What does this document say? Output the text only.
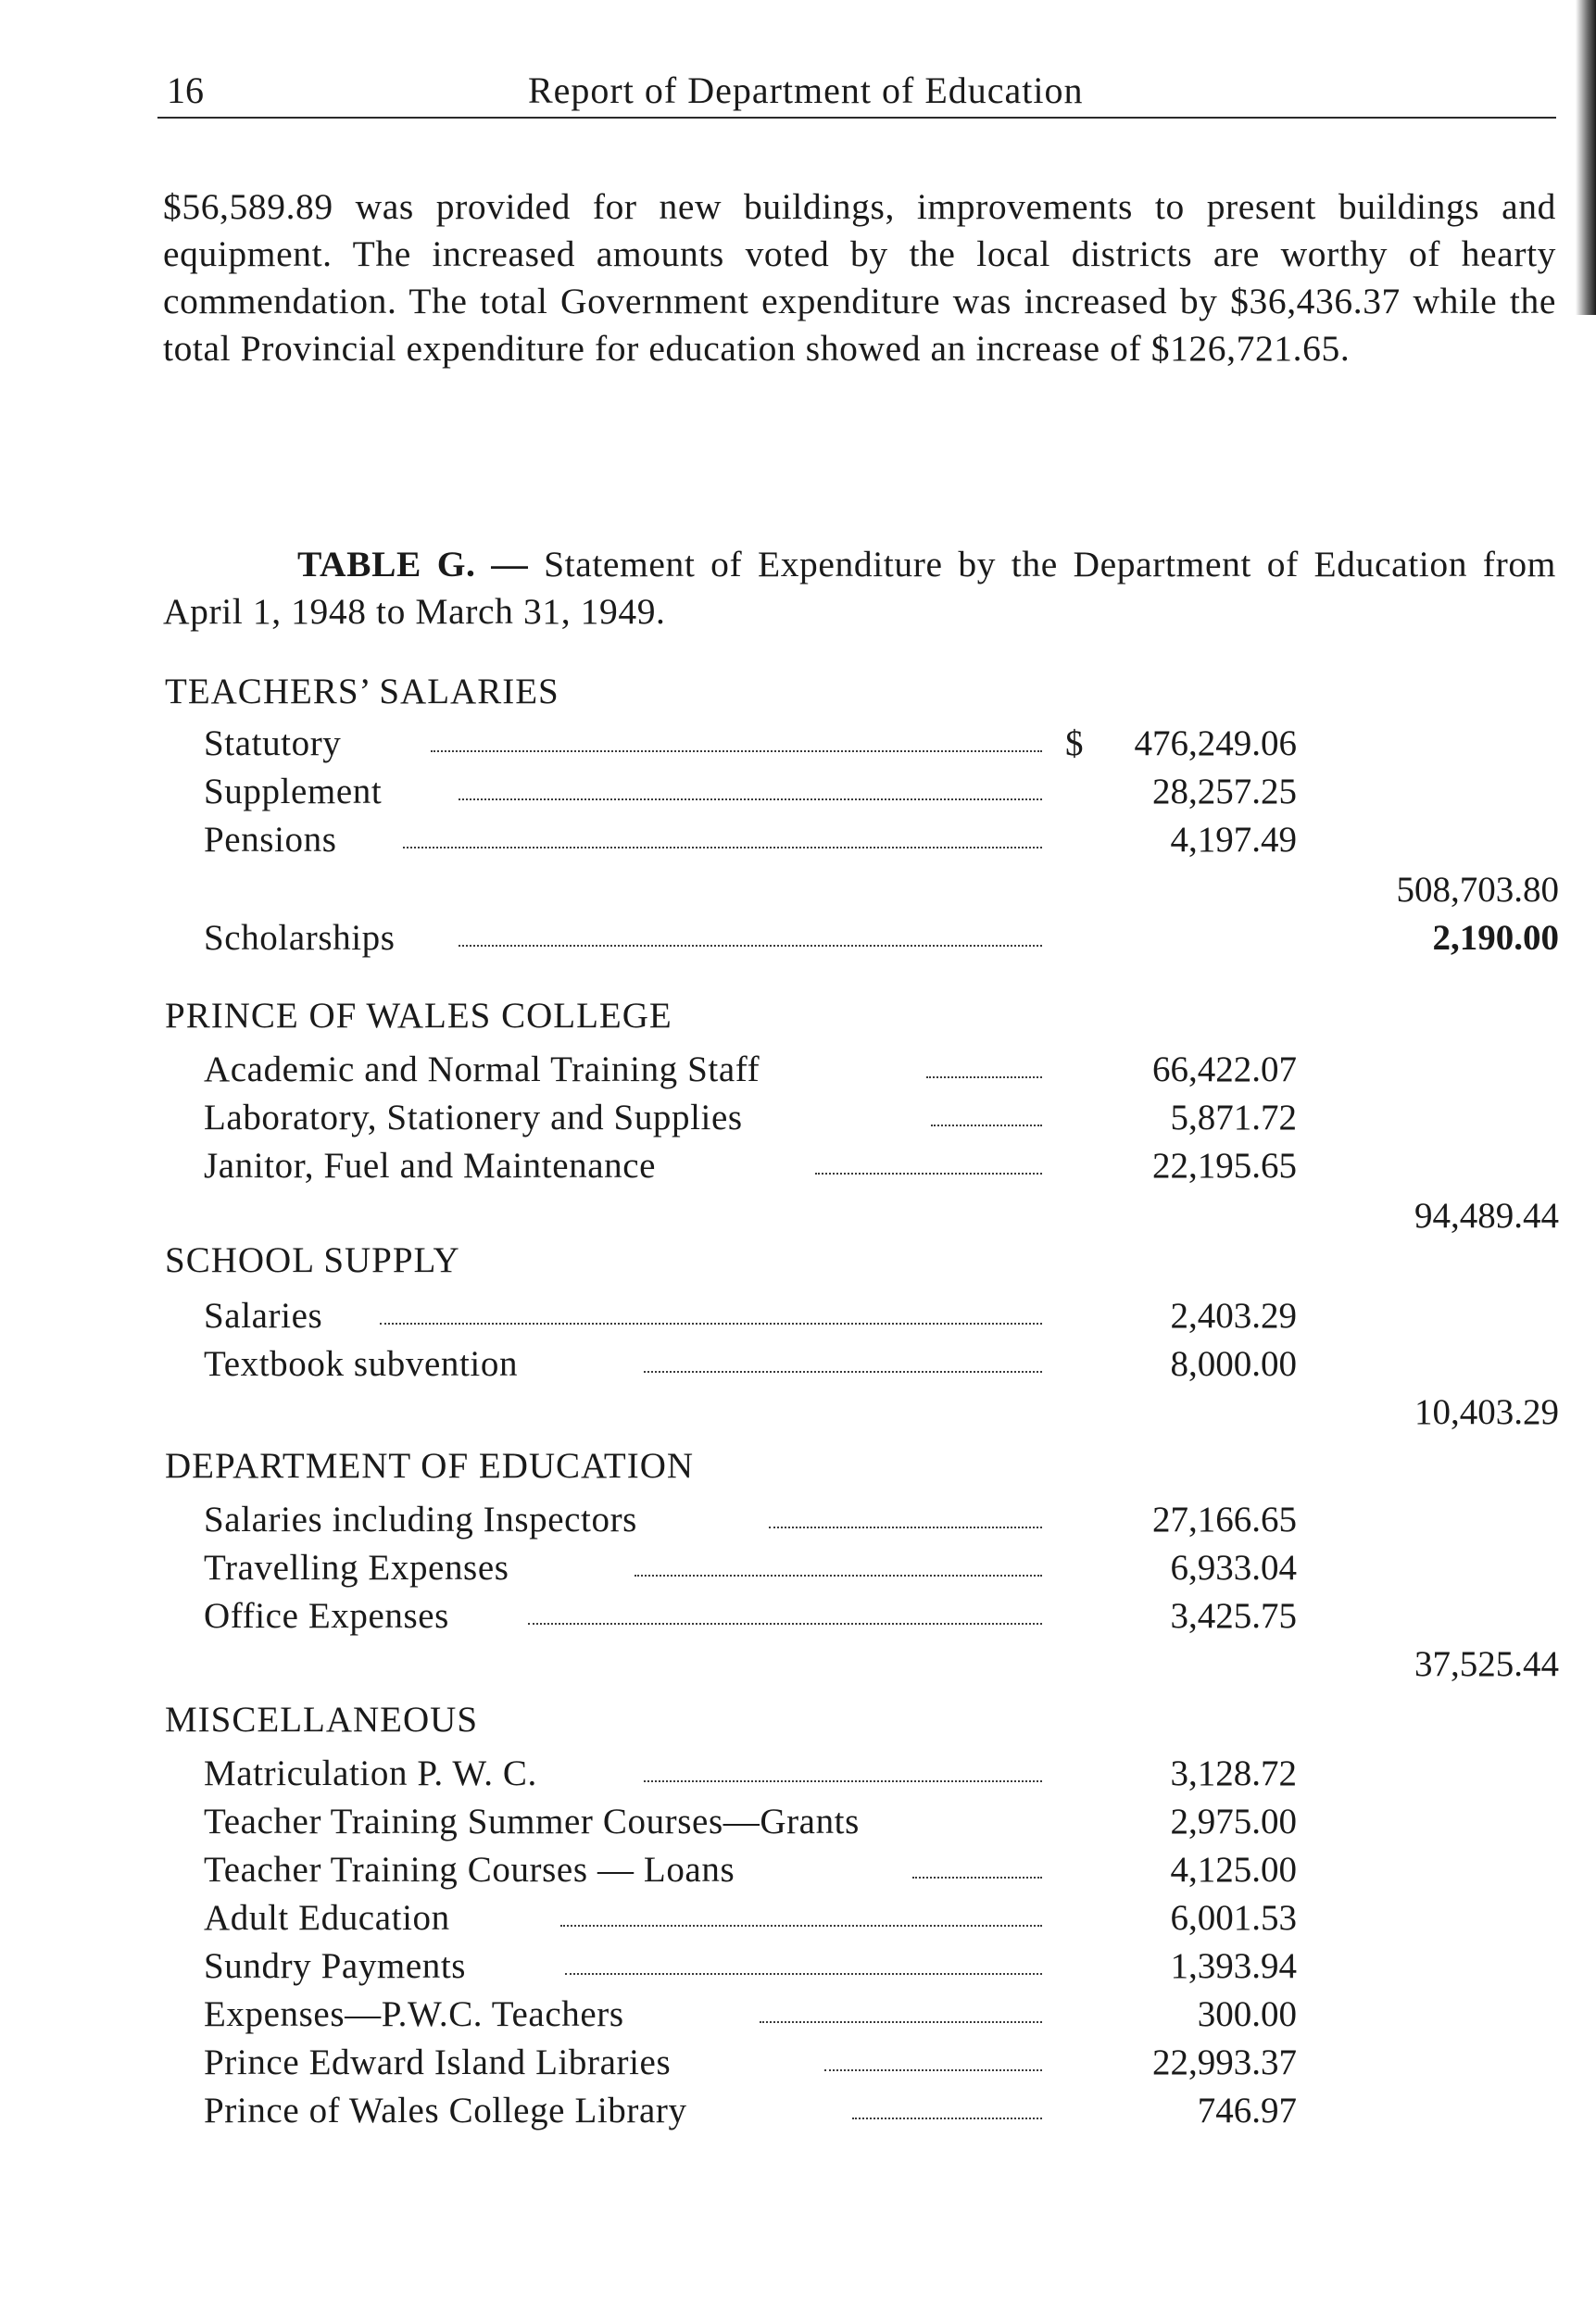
16	Report of Department of Education
$56,589.89 was provided for new buildings, improvements to present buildings and equipment. The increased amounts voted by the local districts are worthy of hearty commendation. The total Government expenditure was increased by $36,436.37 while the total Provincial expenditure for education showed an increase of $126,721.65.
TABLE G. — Statement of Expenditure by the Department of Education from April 1, 1948 to March 31, 1949.
TEACHERS’ SALARIES
Statutory	$ 476,249.06
Supplement	28,257.25
Pensions	4,197.49
508,703.80
Scholarships	2,190.00
PRINCE OF WALES COLLEGE
Academic and Normal Training Staff	66,422.07
Laboratory, Stationery and Supplies	5,871.72
Janitor, Fuel and Maintenance	22,195.65
94,489.44
SCHOOL SUPPLY
Salaries	2,403.29
Textbook subvention	8,000.00
10,403.29
DEPARTMENT OF EDUCATION
Salaries including Inspectors	27,166.65
Travelling Expenses	6,933.04
Office Expenses	3,425.75
37,525.44
MISCELLANEOUS
Matriculation P. W. C.	3,128.72
Teacher Training Summer Courses—Grants	2,975.00
Teacher Training Courses — Loans	4,125.00
Adult Education	6,001.53
Sundry Payments	1,393.94
Expenses—P.W.C. Teachers	300.00
Prince Edward Island Libraries	22,993.37
Prince of Wales College Library	746.97
